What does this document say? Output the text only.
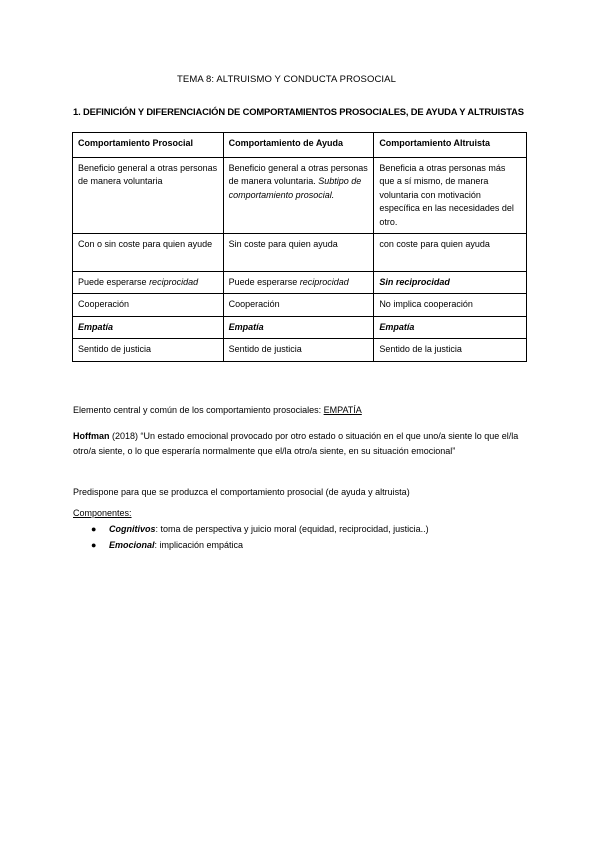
TEMA 8: ALTRUISMO Y CONDUCTA PROSOCIAL
1. DEFINICIÓN Y DIFERENCIACIÓN DE COMPORTAMIENTOS PROSOCIALES, DE AYUDA Y ALTRUISTAS
Comportamiento Prosocial	Comportamiento de Ayuda	Comportamiento Altruista
Beneficio general a otras personas de manera voluntaria	Beneficio general a otras personas de manera voluntaria. Subtipo de comportamiento prosocial.	Beneficia a otras personas más que a sí mismo, de manera voluntaria con motivación específica en las necesidades del otro.
Con o sin coste para quien ayude	Sin coste para quien ayuda	con coste para quien ayuda
Puede esperarse reciprocidad	Puede esperarse reciprocidad	Sin reciprocidad
Cooperación	Cooperación	No implica cooperación
Empatía	Empatía	Empatía
Sentido de justicia	Sentido de justicia	Sentido de la justicia
Elemento central y común de los comportamiento prosociales: EMPATÍA
Hoffman (2018) “Un estado emocional provocado por otro estado o situación en el que uno/a siente lo que el/la otro/a siente, o lo que esperaría normalmente que el/la otro/a siente, en su situación emocional”
Predispone para que se produzca el comportamiento prosocial (de ayuda y altruista)
Componentes:
● Cognitivos: toma de perspectiva y juicio moral (equidad, reciprocidad, justicia..)
● Emocional: implicación empática
